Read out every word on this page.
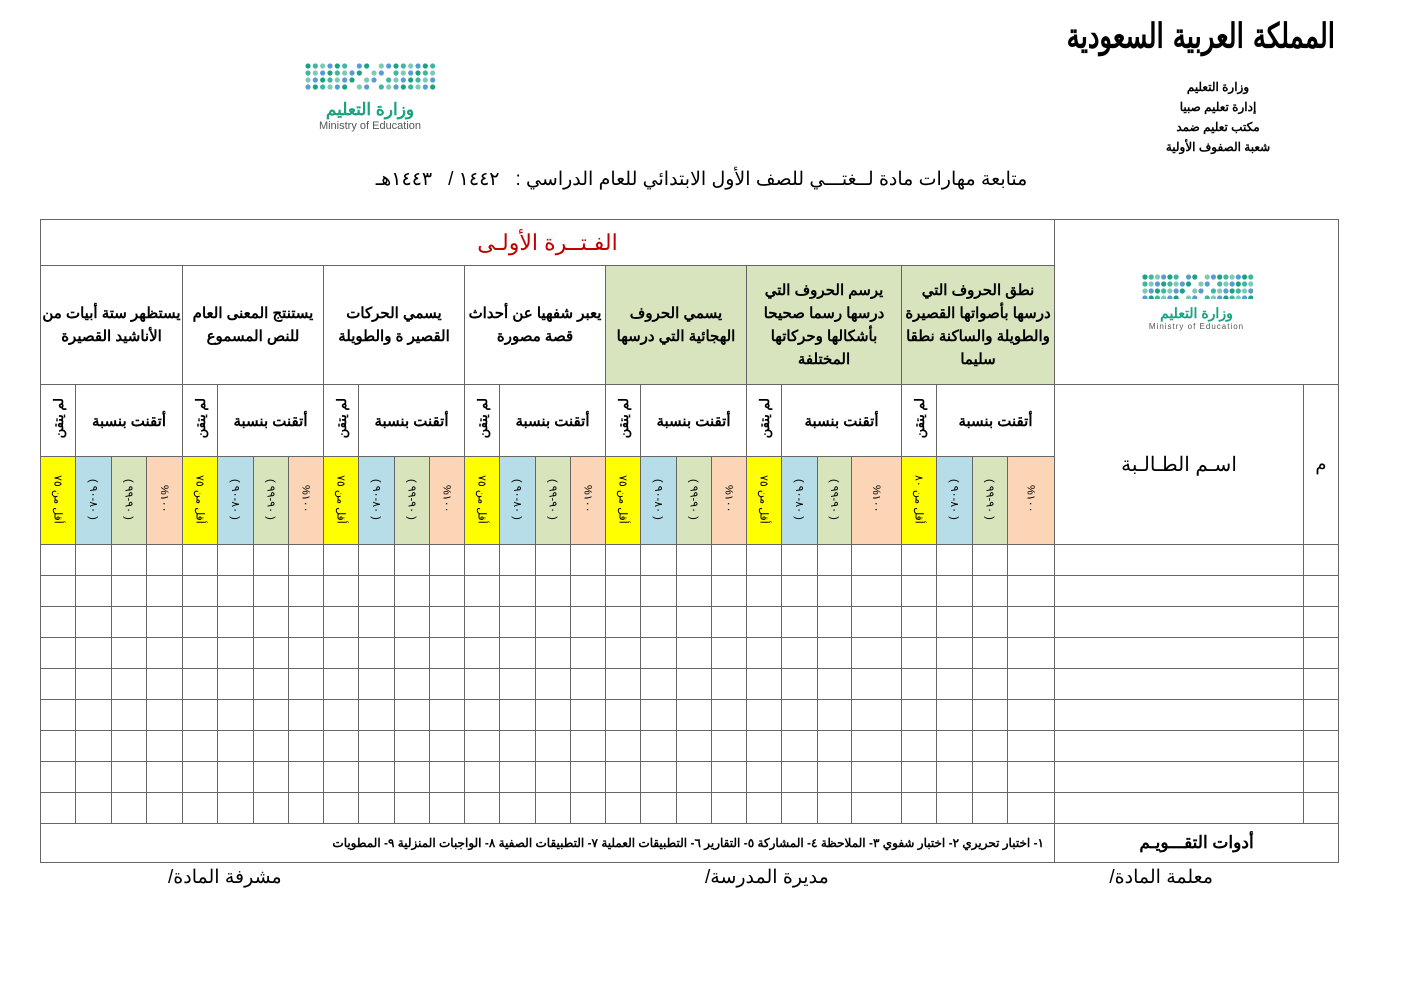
المملكة العربية السعودية
وزارة التعليم
إدارة تعليم صبيا
مكتب تعليم ضمد
شعبة الصفوف الأولية
وزارة التعليم
Ministry of Education
متابعة مهارات مادة لــغتـــي للصف الأول الابتدائي للعام الدراسي :١٤٤٢ /١٤٤٣هـ
وزارة التعليم
Ministry of Education		الفـتــرة الأولـى																											
		نطق الحروف التي درسها بأصواتها القصيرة والطويلة والساكنة نطقا سليما				يرسم الحروف التي درسها رسما صحيحا بأشكالها وحركاتها المختلفة				يسمي الحروف الهجائية التي درسها				يعبر شفهيا عن أحداث قصة مصورة				يسمي الحركات القصير ة والطويلة				يستنتج المعنى العام للنص المسموع				يستظهر ستة أبيات من الأناشيد القصيرة			
م	اسـم الطـالـبة	أتقنت بنسبة			لم يتقن	أتقنت بنسبة			لم يتقن	أتقنت بنسبة			لم يتقن	أتقنت بنسبة			لم يتقن	أتقنت بنسبة			لم يتقن	أتقنت بنسبة			لم يتقن	أتقنت بنسبة			لم يتقن
		١٠٠%	( ٩٠-٩٩ )	( ٨٠-٩٠ )	أقل من ٨٠	١٠٠%	( ٩٠-٩٩ )	( ٨٠-٩٠ )	أقل من ٧٥	١٠٠%	( ٩٠-٩٩ )	( ٨٠-٩٠ )	أقل من ٧٥	١٠٠%	( ٩٠-٩٩ )	( ٨٠-٩٠ )	أقل من ٧٥	١٠٠%	( ٩٠-٩٩ )	( ٨٠-٩٠ )	أقل من ٧٥	١٠٠%	( ٩٠-٩٩ )	( ٨٠-٩٠ )	أقل من ٧٥	١٠٠%	( ٩٠-٩٩ )	( ٨٠-٩٠ )	أقل من ٧٥

أدوات التقـــويـم		١- اختبار تحريري ٢- اختبار شفوي ٣- الملاحظة ٤- المشاركة ٥- التقارير ٦- التطبيقات العملية ٧- التطبيقات الصفية ٨- الواجبات المنزلية ٩- المطويات																											
معلمة المادة/
مديرة المدرسة/
مشرفة المادة/
